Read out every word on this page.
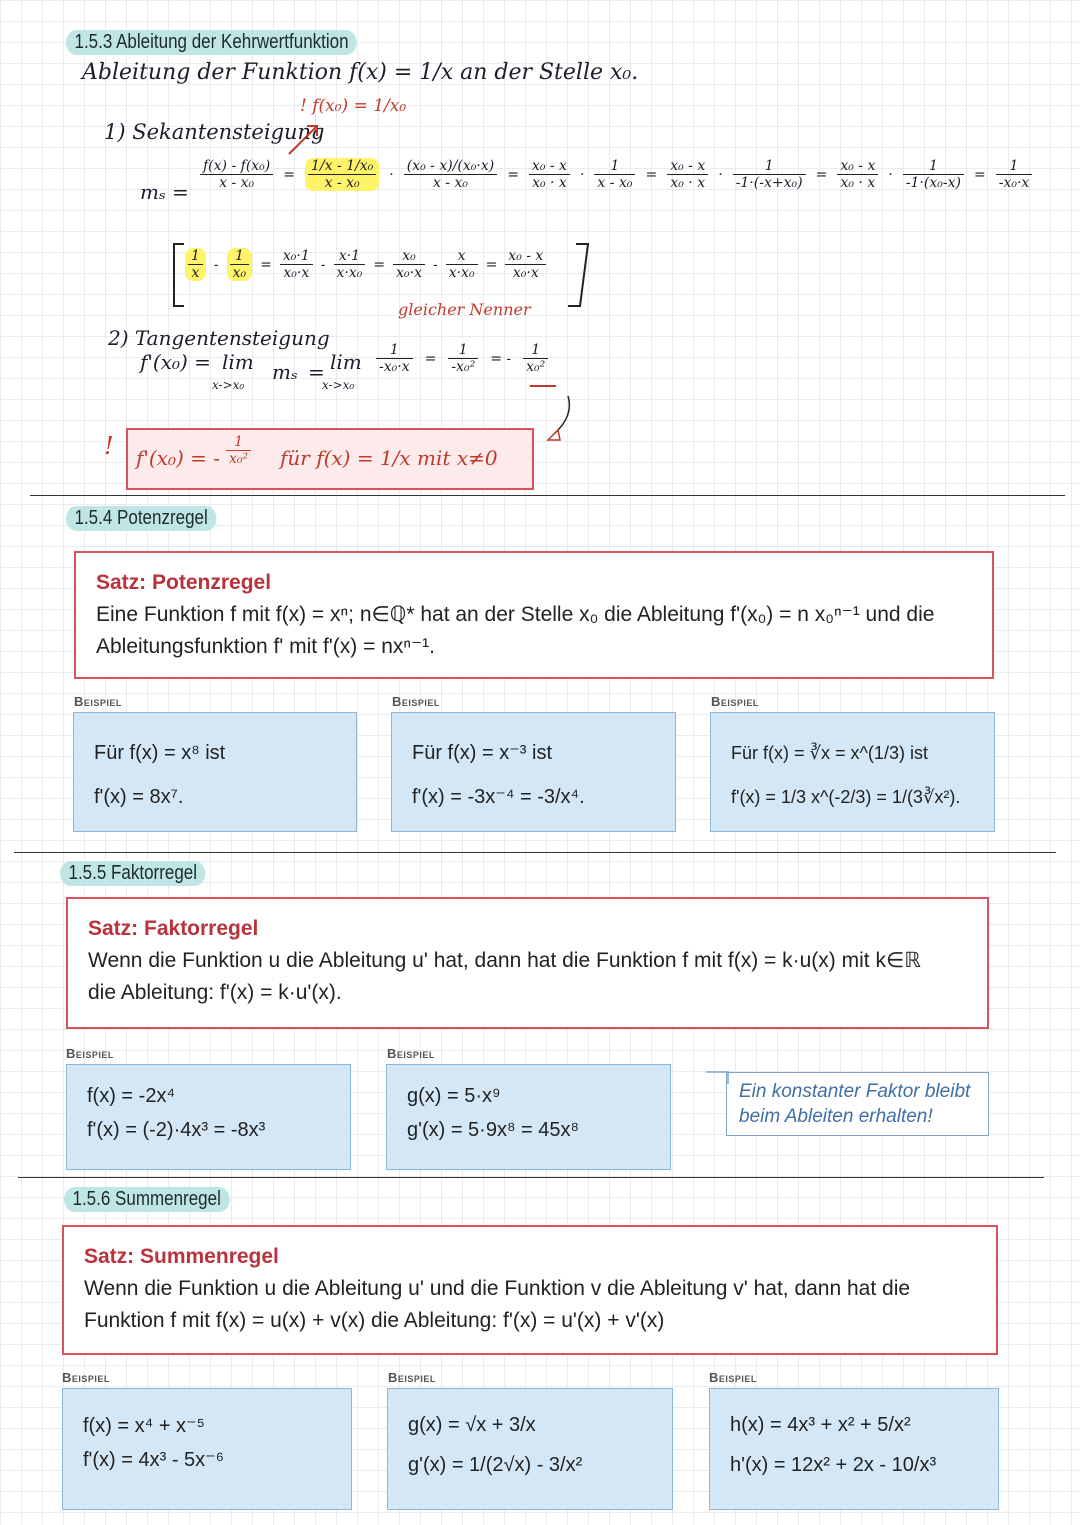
1.5.3 Ableitung der Kehrwertfunktion
Ableitung der Funktion f(x) = 1/x an der Stelle x₀.
! f(x₀) = 1/x₀
1) Sekantensteigung
mₛ =
$\frac{\text{f(x) - f(x₀)}}{\text{x - x₀}} = \frac{\text{1/x - 1/x₀}}{\text{x - x₀}} \cdot \frac{\text{(x₀ - x)/(x₀·x)}}{\text{x - x₀}} = \frac{\text{x₀ - x}}{\text{x₀ · x}} \cdot \frac{1}{\text{x - x₀}} = \frac{\text{x₀ - x}}{\text{x₀ · x}} \cdot \frac{1}{\text{-1·(-x+x₀)}} = \frac{\text{x₀ - x}}{\text{x₀ · x}} \cdot \frac{1}{\text{-1·(x₀-x)}} = \frac{1}{\text{-x₀·x}}$
$\frac{1}{x} - \frac{1}{\text{x₀}} = \frac{\text{x₀·1}}{\text{x₀·x}} - \frac{x\cdot 1}{\text{x·x₀}} = \frac{\text{x₀}}{\text{x₀·x}} - \frac{x}{\text{x·x₀}} = \frac{\text{x₀ - x}}{\text{x₀·x}}$
gleicher Nenner
2) Tangentensteigung
f'(x₀) = lim
x->x₀
mₛ = lim
x->x₀
$\frac{1}{\text{-x₀·x}} = \frac{1}{\text{-x₀²}}$ = - $\frac{1}{\text{x₀²}}$
! f'(x₀) = - $\frac{1}{\text{x₀²}}$ für f(x) = 1/x mit x≠0
1.5.4 Potenzregel
Satz: Potenzregel
Eine Funktion f mit f(x) = xⁿ; n∈ℚ* hat an der Stelle x₀ die Ableitung f'(x₀) = n x₀ⁿ⁻¹ und die
Ableitungsfunktion f' mit f'(x) = nxⁿ⁻¹.
Beispiel
Für f(x) = x⁸ ist
f'(x) = 8x⁷.
Beispiel
Für f(x) = x⁻³ ist
f'(x) = -3x⁻⁴ = -3/x⁴.
Beispiel
Für f(x) = ∛x = x^(1/3) ist
f'(x) = 1/3 x^(-2/3) = 1/(3∛x²).
1.5.5 Faktorregel
Satz: Faktorregel
Wenn die Funktion u die Ableitung u' hat, dann hat die Funktion f mit f(x) = k·u(x) mit k∈ℝ
die Ableitung: f'(x) = k·u'(x).
Beispiel
f(x) = -2x⁴
f'(x) = (-2)·4x³ = -8x³
Beispiel
g(x) = 5·x⁹
g'(x) = 5·9x⁸ = 45x⁸
Ein konstanter Faktor bleibt beim Ableiten erhalten!
1.5.6 Summenregel
Satz: Summenregel
Wenn die Funktion u die Ableitung u' und die Funktion v die Ableitung v' hat, dann hat die
Funktion f mit f(x) = u(x) + v(x) die Ableitung: f'(x) = u'(x) + v'(x)
Beispiel
f(x) = x⁴ + x⁻⁵
f'(x) = 4x³ - 5x⁻⁶
Beispiel
g(x) = √x + 3/x
g'(x) = 1/(2√x) - 3/x²
Beispiel
h(x) = 4x³ + x² + 5/x²
h'(x) = 12x² + 2x - 10/x³
